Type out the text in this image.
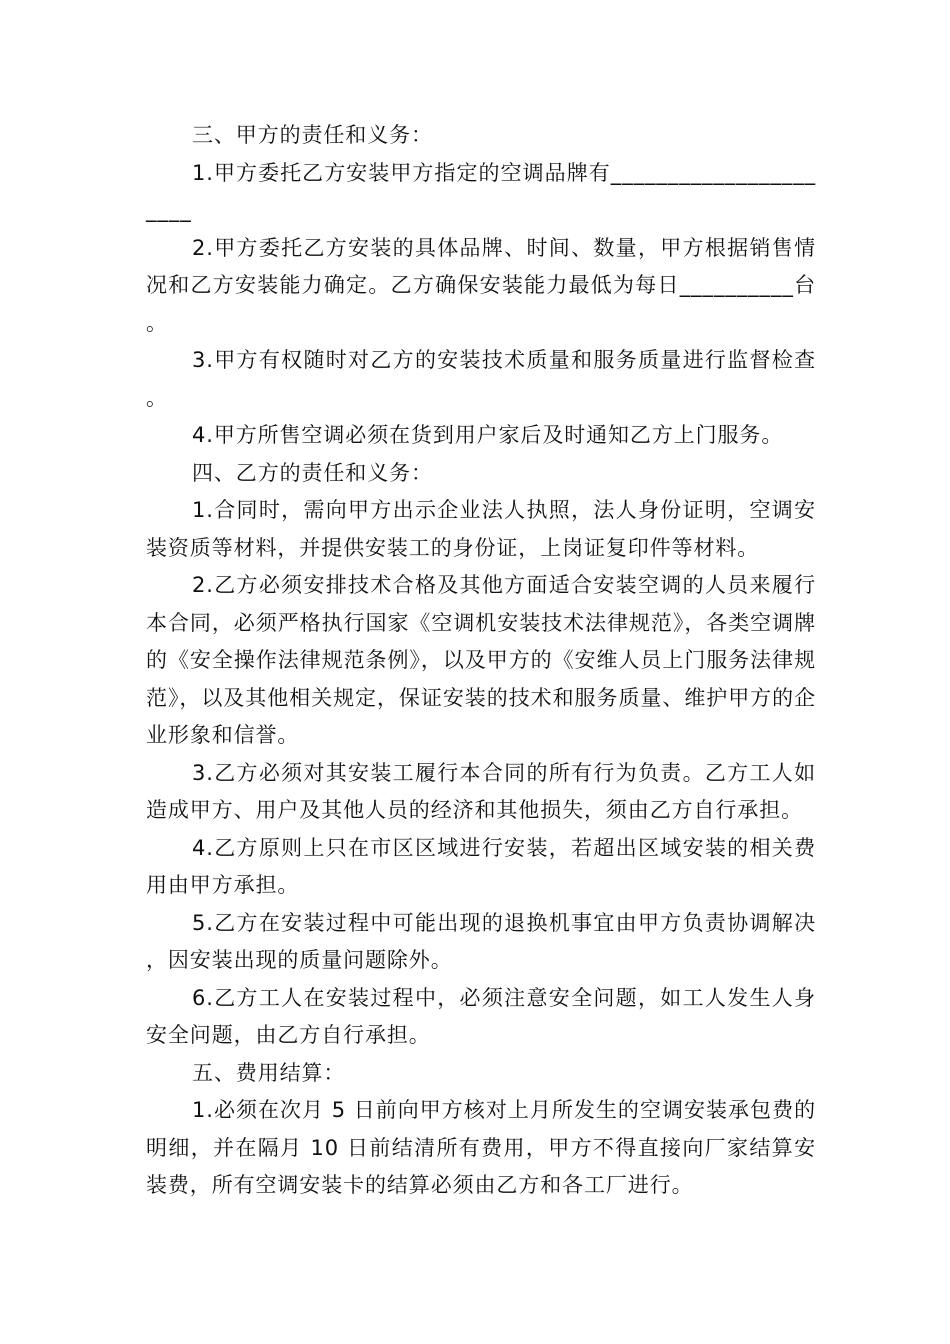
三、甲方的责任和义务：

1.甲方委托乙方安装甲方指定的空调品牌有______________________

2.甲方委托乙方安装的具体品牌、时间、数量，甲方根据销售情况和乙方安装能力确定。乙方确保安装能力最低为每日__________台。

3.甲方有权随时对乙方的安装技术质量和服务质量进行监督检查。

4.甲方所售空调必须在货到用户家后及时通知乙方上门服务。

四、乙方的责任和义务：

1.合同时，需向甲方出示企业法人执照，法人身份证明，空调安装资质等材料，并提供安装工的身份证，上岗证复印件等材料。

2.乙方必须安排技术合格及其他方面适合安装空调的人员来履行本合同，必须严格执行国家《空调机安装技术法律规范》，各类空调牌的《安全操作法律规范条例》，以及甲方的《安维人员上门服务法律规范》，以及其他相关规定，保证安装的技术和服务质量、维护甲方的企业形象和信誉。

3.乙方必须对其安装工履行本合同的所有行为负责。乙方工人如造成甲方、用户及其他人员的经济和其他损失，须由乙方自行承担。

4.乙方原则上只在市区区域进行安装，若超出区域安装的相关费用由甲方承担。

5.乙方在安装过程中可能出现的退换机事宜由甲方负责协调解决，因安装出现的质量问题除外。

6.乙方工人在安装过程中，必须注意安全问题，如工人发生人身安全问题，由乙方自行承担。

五、费用结算：

1.必须在次月 5 日前向甲方核对上月所发生的空调安装承包费的明细，并在隔月 10 日前结清所有费用，甲方不得直接向厂家结算安装费，所有空调安装卡的结算必须由乙方和各工厂进行。
